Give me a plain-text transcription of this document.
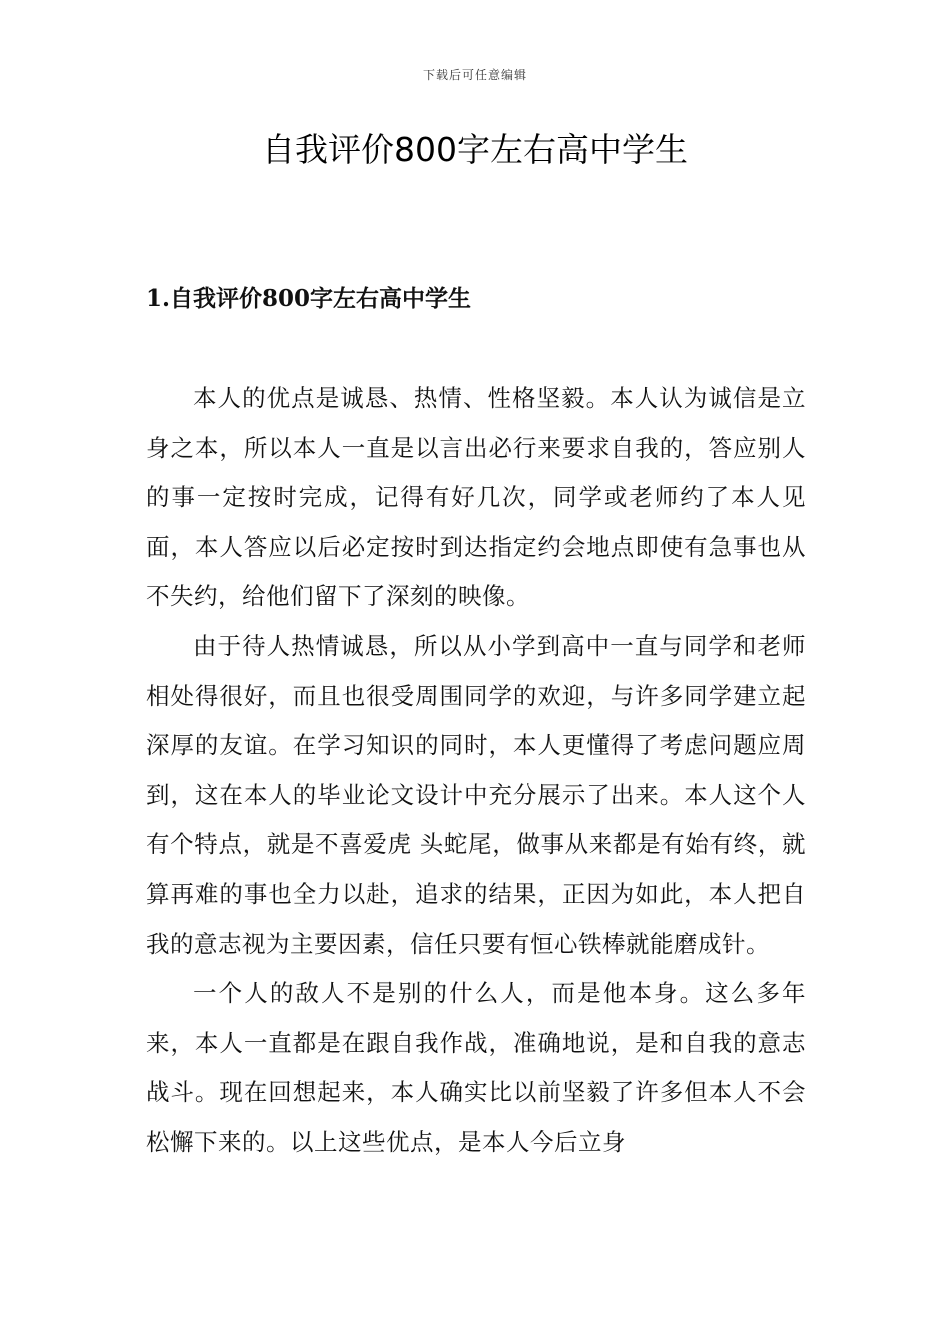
下载后可任意编辑
自我评价800字左右高中学生
1.自我评价800字左右高中学生

本人的优点是诚恳、热情、性格坚毅。本人认为诚信是立身之本，所以本人一直是以言出必行来要求自我的，答应别人的事一定按时完成，记得有好几次，同学或老师约了本人见面，本人答应以后必定按时到达指定约会地点即使有急事也从不失约，给他们留下了深刻的映像。

由于待人热情诚恳，所以从小学到高中一直与同学和老师相处得很好，而且也很受周围同学的欢迎，与许多同学建立起深厚的友谊。在学习知识的同时，本人更懂得了考虑问题应周到，这在本人的毕业论文设计中充分展示了出来。本人这个人有个特点，就是不喜爱虎 头蛇尾，做事从来都是有始有终，就算再难的事也全力以赴，追求的结果，正因为如此，本人把自我的意志视为主要因素，信任只要有恒心铁棒就能磨成针。

一个人的敌人不是别的什么人，而是他本身。这么多年来，本人一直都是在跟自我作战，准确地说，是和自我的意志战斗。现在回想起来，本人确实比以前坚毅了许多但本人不会松懈下来的。以上这些优点，是本人今后立身
